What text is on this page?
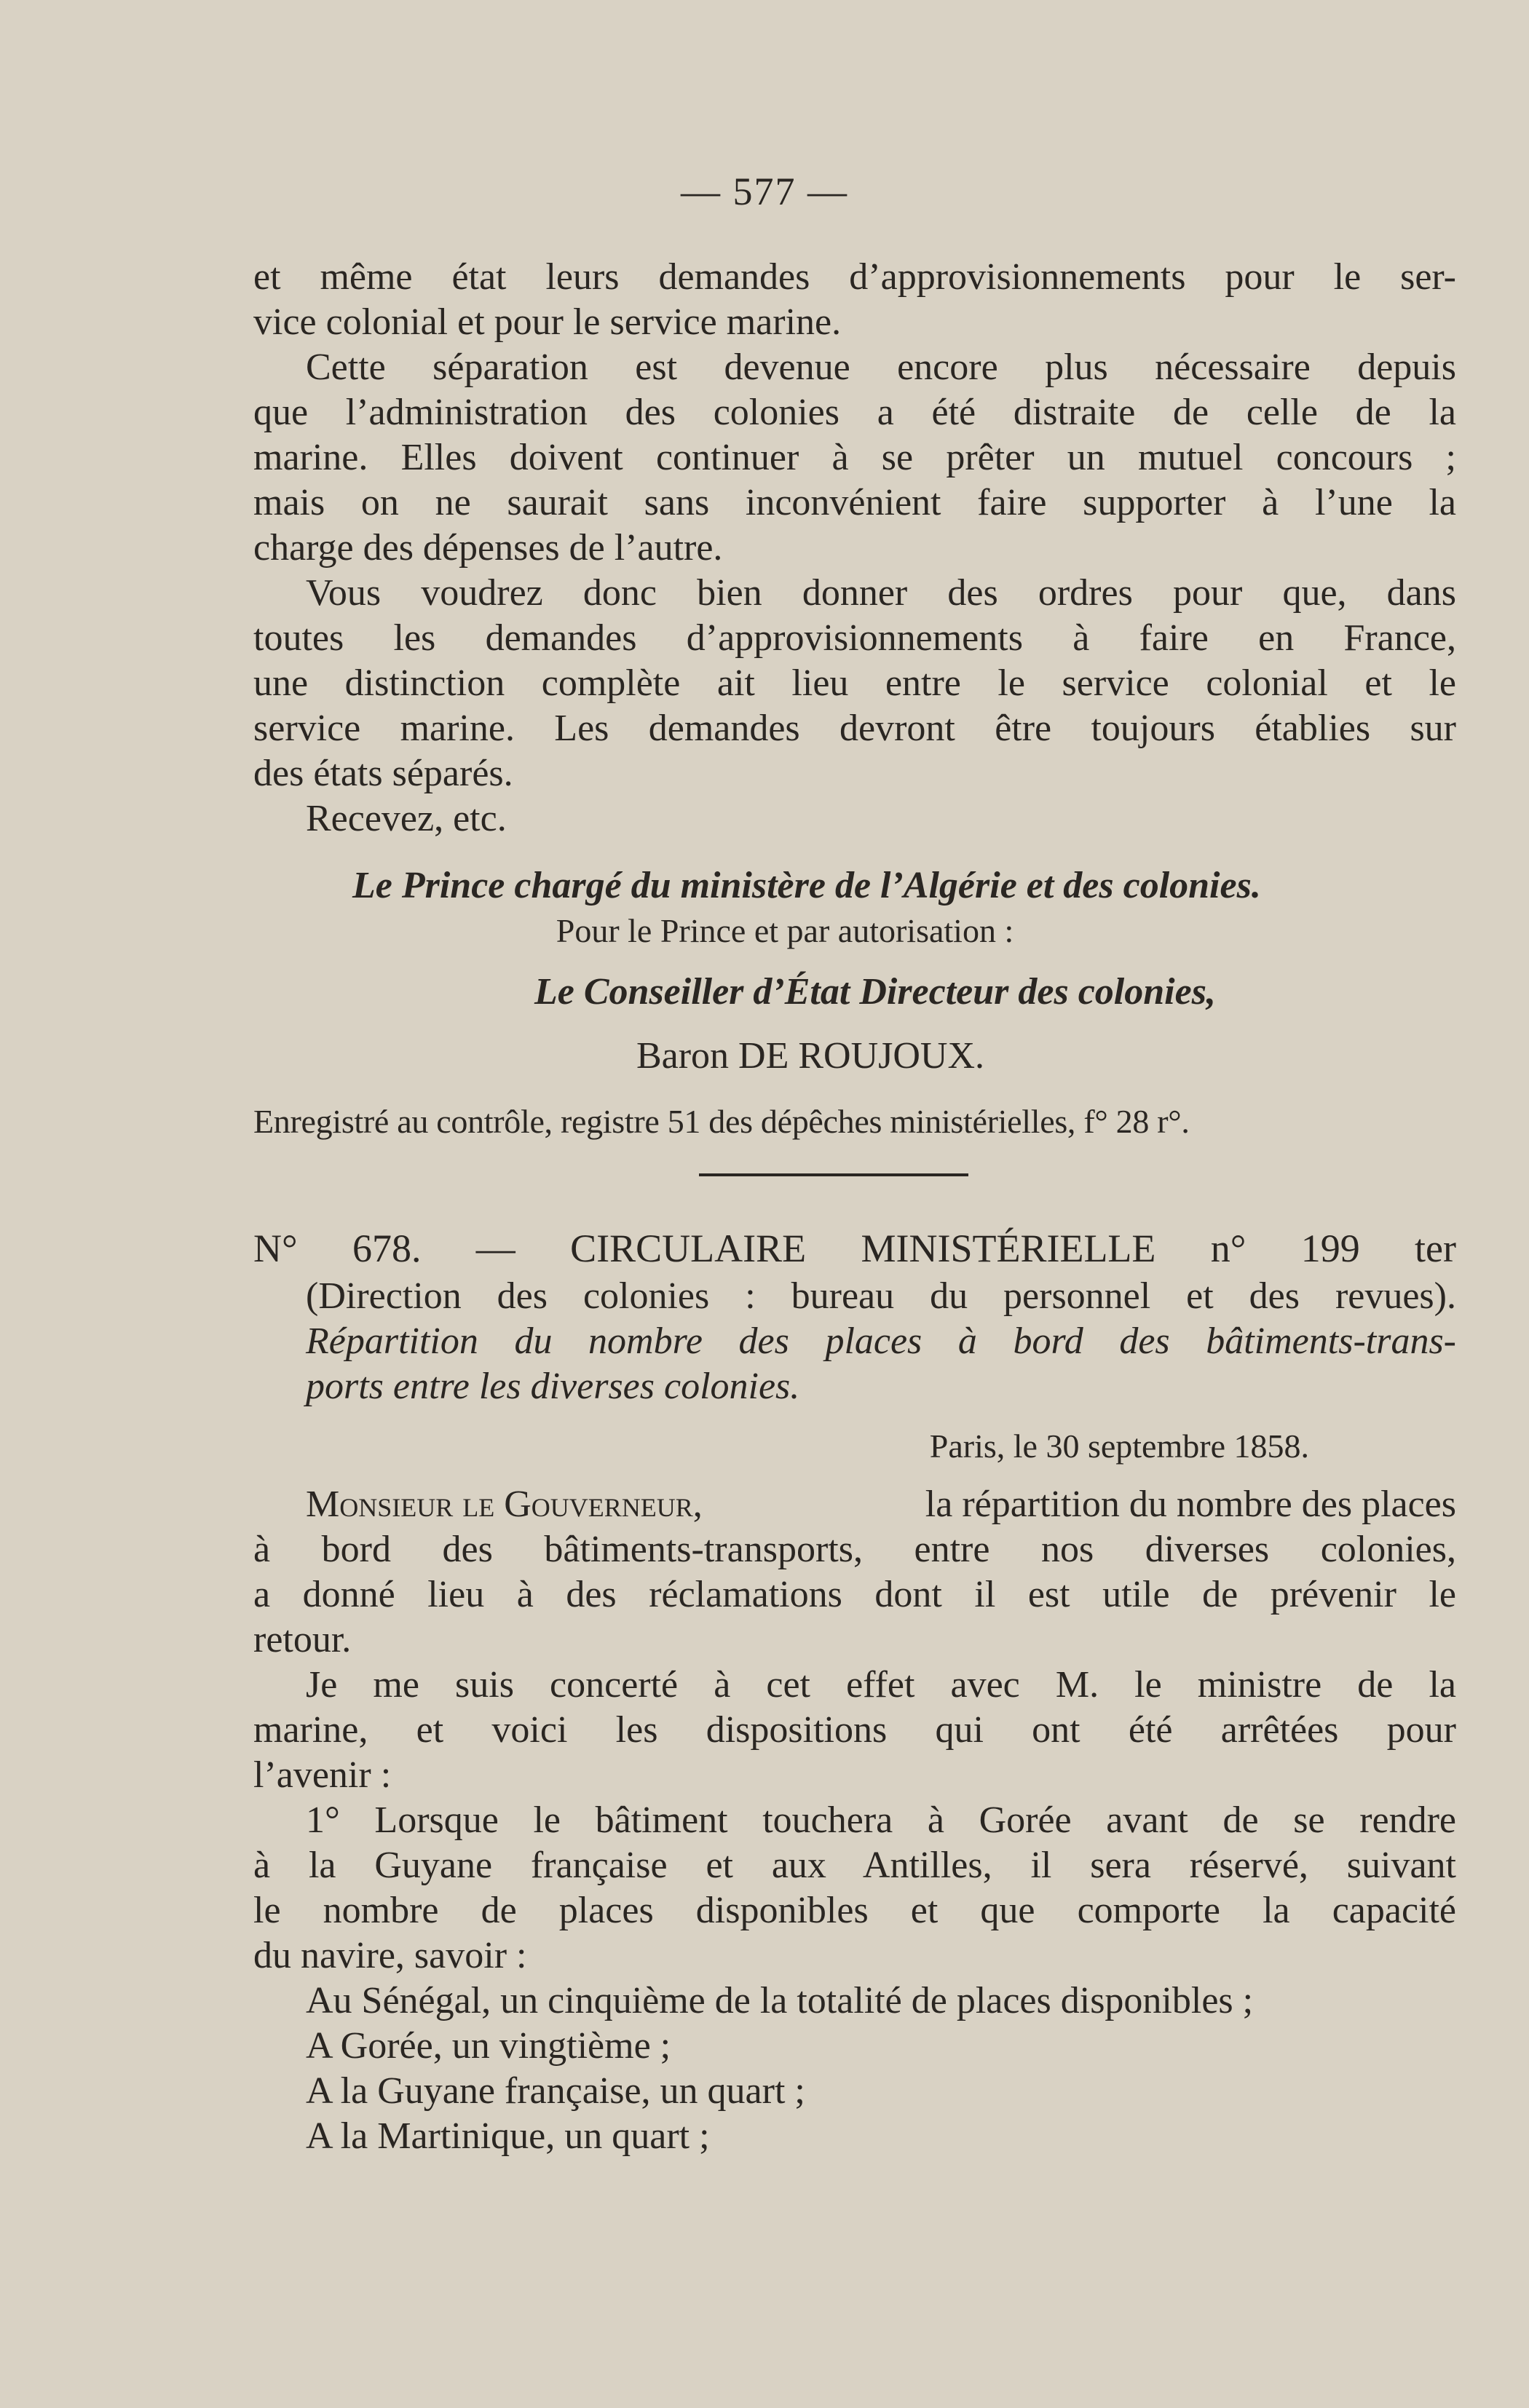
— 577 —
et même état leurs demandes d’approvisionnements pour le ser-
vice colonial et pour le service marine.
Cette séparation est devenue encore plus nécessaire depuis
que l’administration des colonies a été distraite de celle de la
marine. Elles doivent continuer à se prêter un mutuel concours ;
mais on ne saurait sans inconvénient faire supporter à l’une la
charge des dépenses de l’autre.
Vous voudrez donc bien donner des ordres pour que, dans
toutes les demandes d’approvisionnements à faire en France,
une distinction complète ait lieu entre le service colonial et le
service marine. Les demandes devront être toujours établies sur
des états séparés.
Recevez, etc.
Le Prince chargé du ministère de l’Algérie et des colonies.
Pour le Prince et par autorisation :
Le Conseiller d’État Directeur des colonies,
Baron DE ROUJOUX.
Enregistré au contrôle, registre 51 des dépêches ministérielles, f° 28 r°.
N° 678. — CIRCULAIRE MINISTÉRIELLE n° 199 ter
(Direction des colonies : bureau du personnel et des revues).
Répartition du nombre des places à bord des bâtiments-trans-
ports entre les diverses colonies.
Paris, le 30 septembre 1858.
Monsieur le Gouverneur,	la répartition du nombre des places
à bord des bâtiments-transports, entre nos diverses colonies,
a donné lieu à des réclamations dont il est utile de prévenir le
retour.
Je me suis concerté à cet effet avec M. le ministre de la
marine, et voici les dispositions qui ont été arrêtées pour
l’avenir :
1° Lorsque le bâtiment touchera à Gorée avant de se rendre
à la Guyane française et aux Antilles, il sera réservé, suivant
le nombre de places disponibles et que comporte la capacité
du navire, savoir :
Au Sénégal, un cinquième de la totalité de places disponibles ;
A Gorée, un vingtième ;
A la Guyane française, un quart ;
A la Martinique, un quart ;
